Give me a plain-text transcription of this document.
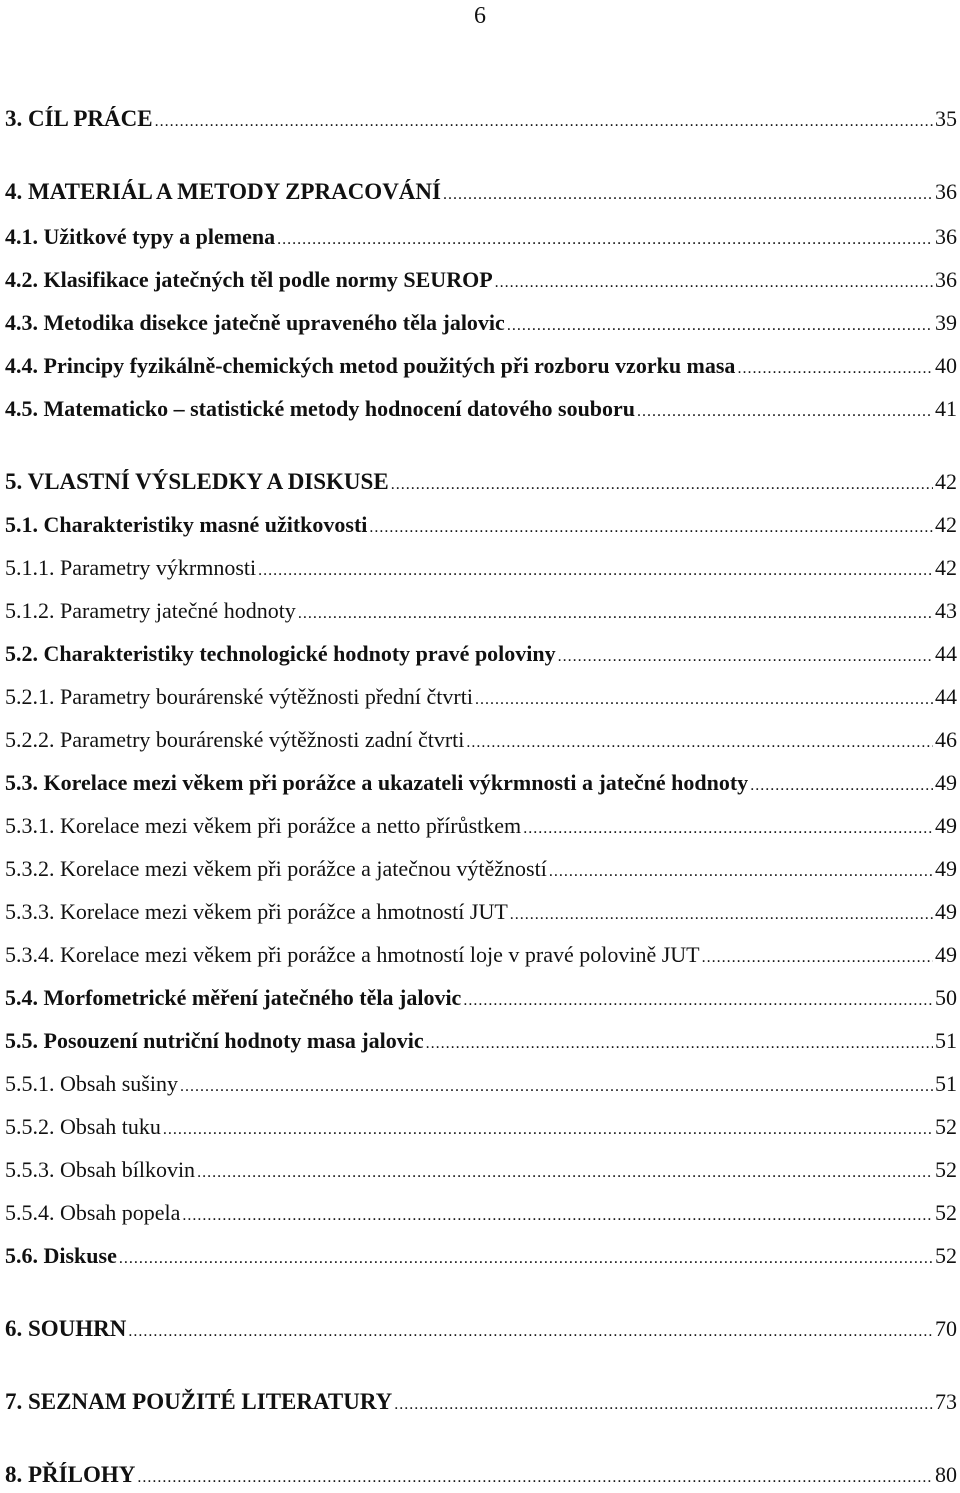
6
3. CÍL PRÁCE .....	35
4. MATERIÁL A METODY ZPRACOVÁNÍ .....	36
4.1. Užitkové typy a plemena .....	36
4.2. Klasifikace jatečných těl podle normy SEUROP .....	36
4.3. Metodika disekce jatečně upraveného těla jalovic .....	39
4.4. Principy fyzikálně-chemických metod použitých při rozboru vzorku masa .....	40
4.5. Matematicko – statistické metody hodnocení datového souboru .....	41
5. VLASTNÍ VÝSLEDKY A DISKUSE .....	42
5.1. Charakteristiky masné užitkovosti .....	42
5.1.1. Parametry výkrmnosti .....	42
5.1.2. Parametry jatečné hodnoty .....	43
5.2. Charakteristiky technologické hodnoty pravé poloviny .....	44
5.2.1. Parametry bourárenské výtěžnosti přední čtvrti .....	44
5.2.2. Parametry bourárenské výtěžnosti zadní čtvrti .....	46
5.3. Korelace mezi věkem při porážce a ukazateli výkrmnosti a jatečné hodnoty .....	49
5.3.1. Korelace mezi věkem při porážce a netto přírůstkem .....	49
5.3.2. Korelace mezi věkem při porážce a jatečnou výtěžností .....	49
5.3.3. Korelace mezi věkem při porážce a hmotností JUT .....	49
5.3.4. Korelace mezi věkem při porážce a hmotností loje v pravé polovině JUT .....	49
5.4. Morfometrické měření jatečného těla jalovic .....	50
5.5. Posouzení nutriční hodnoty masa jalovic .....	51
5.5.1. Obsah sušiny .....	51
5.5.2. Obsah tuku .....	52
5.5.3. Obsah bílkovin .....	52
5.5.4. Obsah popela .....	52
5.6. Diskuse .....	52
6. SOUHRN .....	70
7. SEZNAM POUŽITÉ LITERATURY .....	73
8. PŘÍLOHY .....	80
